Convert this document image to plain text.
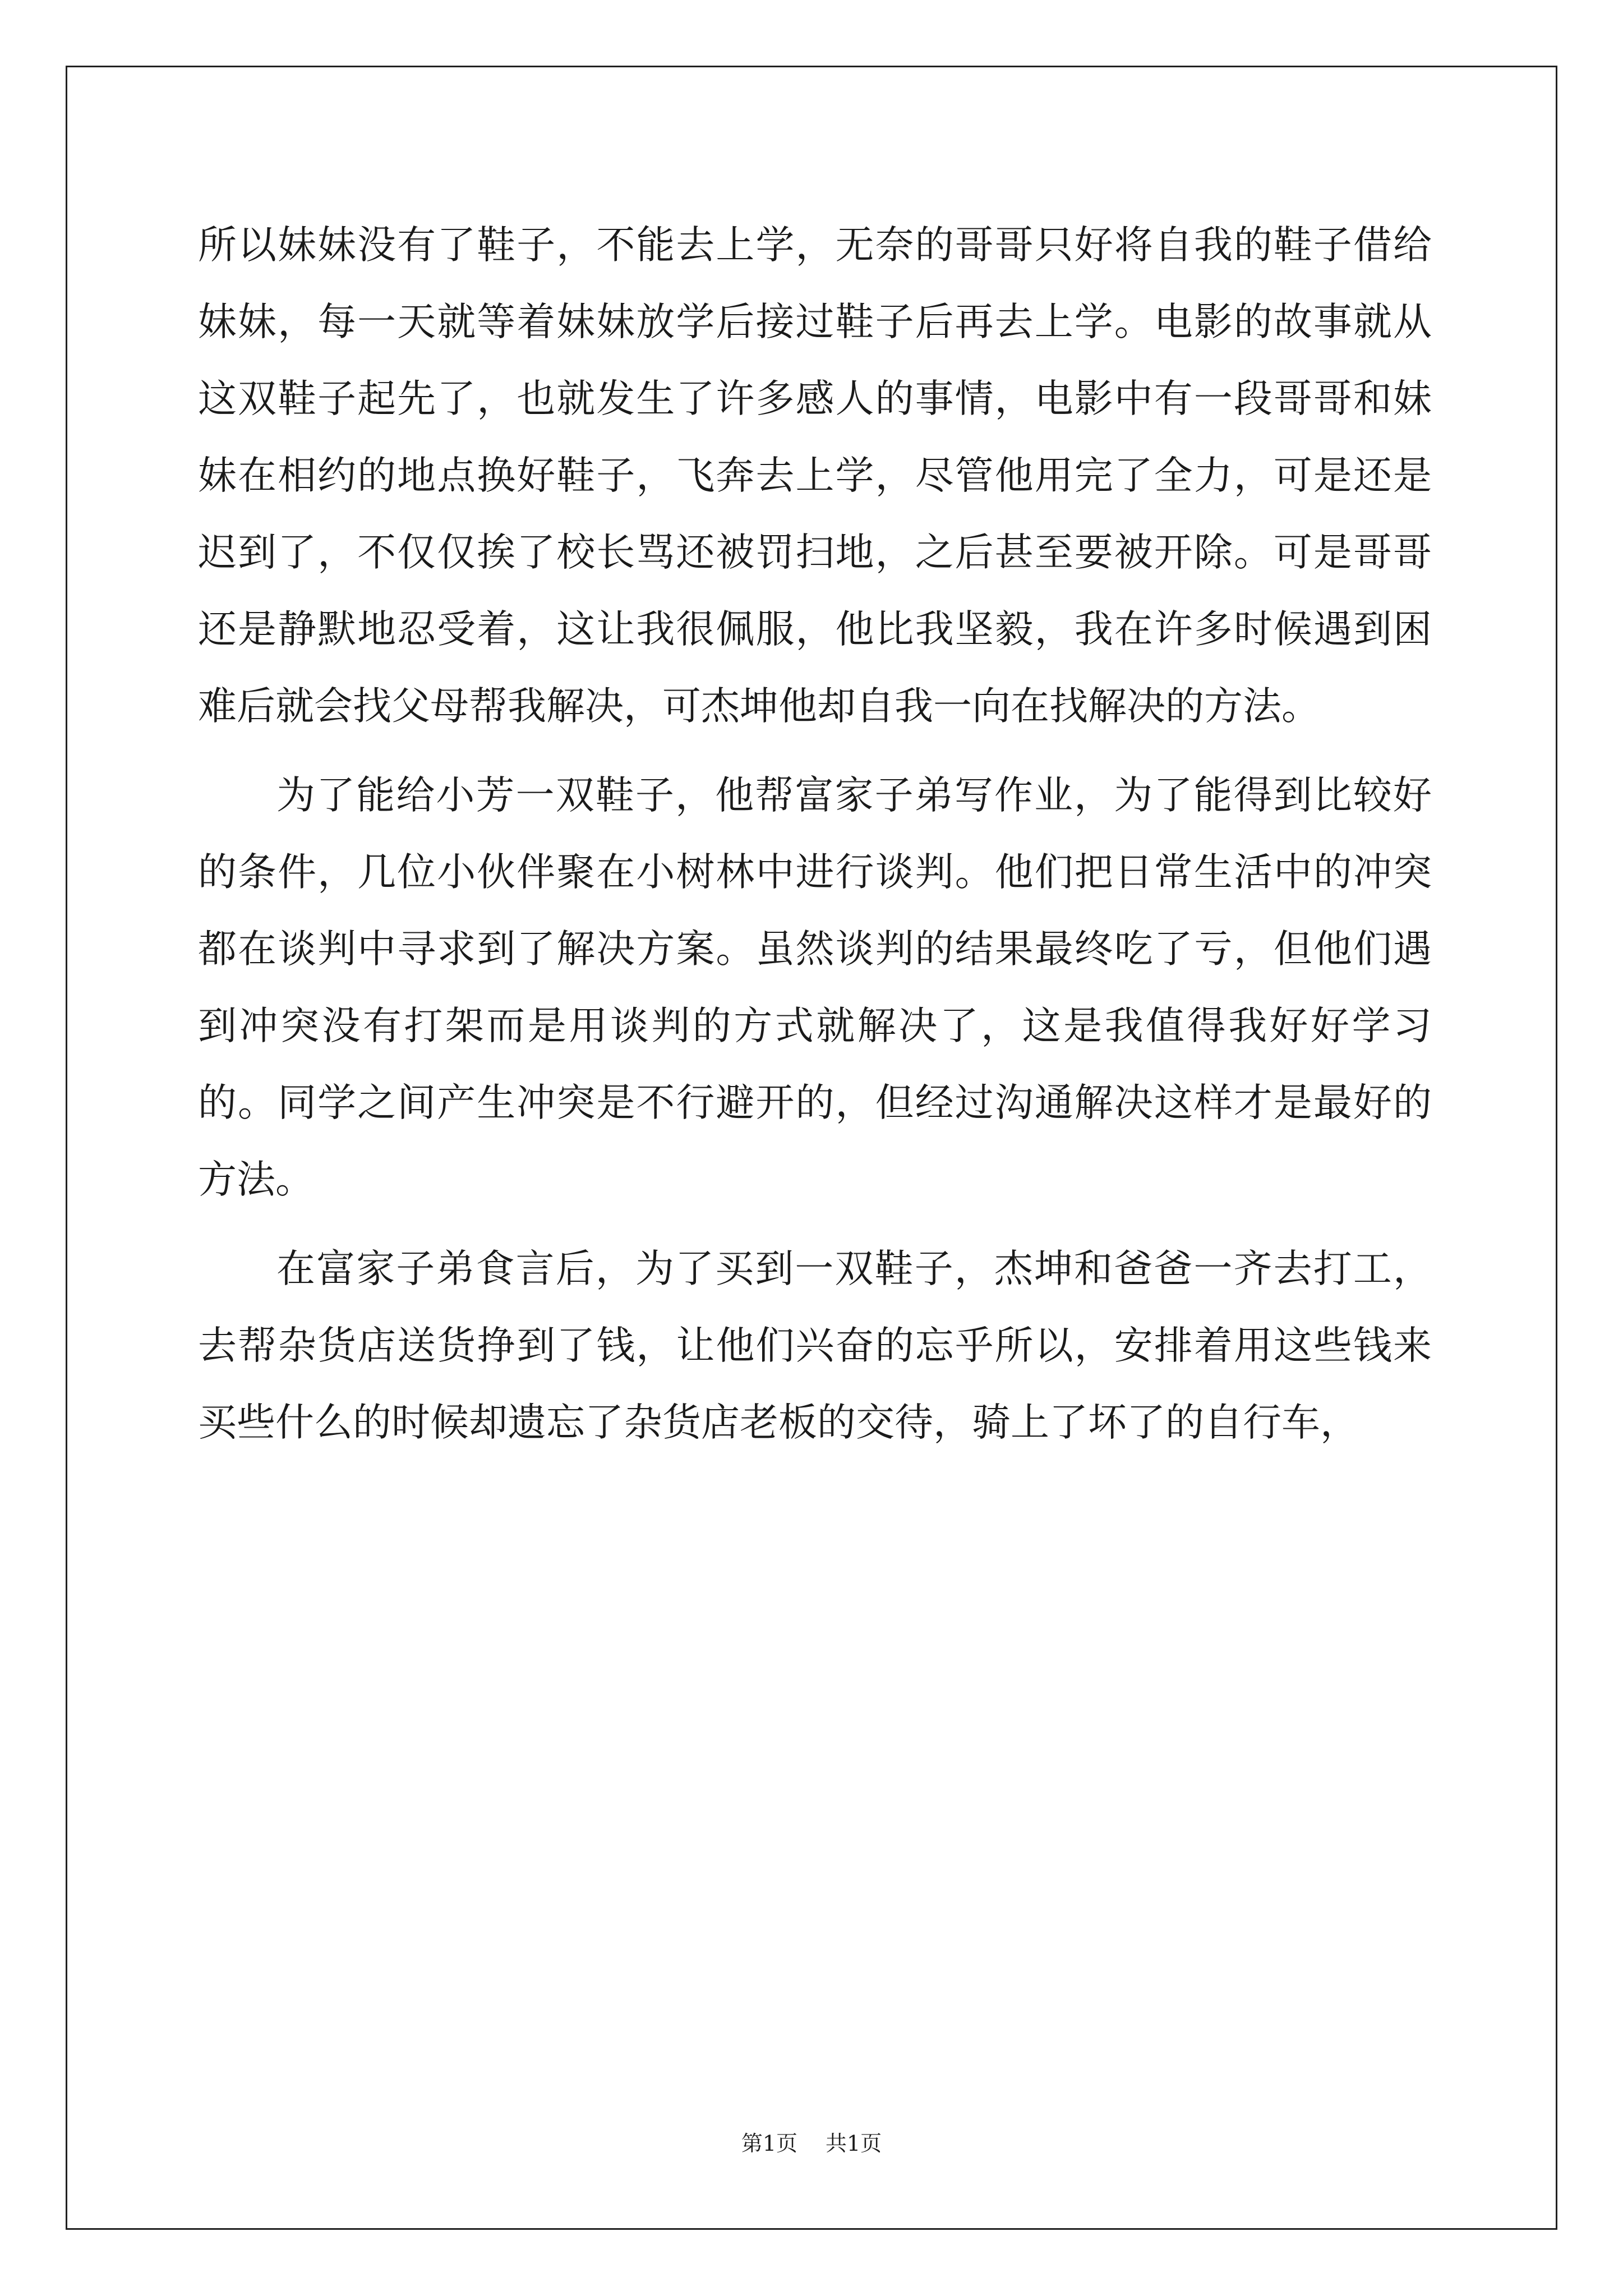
所以妹妹没有了鞋子，不能去上学，无奈的哥哥只好将自我的鞋子借给妹妹，每一天就等着妹妹放学后接过鞋子后再去上学。电影的故事就从这双鞋子起先了，也就发生了许多感人的事情，电影中有一段哥哥和妹妹在相约的地点换好鞋子，飞奔去上学，尽管他用完了全力，可是还是迟到了，不仅仅挨了校长骂还被罚扫地，之后甚至要被开除。可是哥哥还是静默地忍受着，这让我很佩服，他比我坚毅，我在许多时候遇到困难后就会找父母帮我解决，可杰坤他却自我一向在找解决的方法。

为了能给小芳一双鞋子，他帮富家子弟写作业，为了能得到比较好的条件，几位小伙伴聚在小树林中进行谈判。他们把日常生活中的冲突都在谈判中寻求到了解决方案。虽然谈判的结果最终吃了亏，但他们遇到冲突没有打架而是用谈判的方式就解决了，这是我值得我好好学习的。同学之间产生冲突是不行避开的，但经过沟通解决这样才是最好的方法。

在富家子弟食言后，为了买到一双鞋子，杰坤和爸爸一齐去打工，去帮杂货店送货挣到了钱，让他们兴奋的忘乎所以，安排着用这些钱来买些什么的时候却遗忘了杂货店老板的交待，骑上了坏了的自行车，

第1页 共1页
